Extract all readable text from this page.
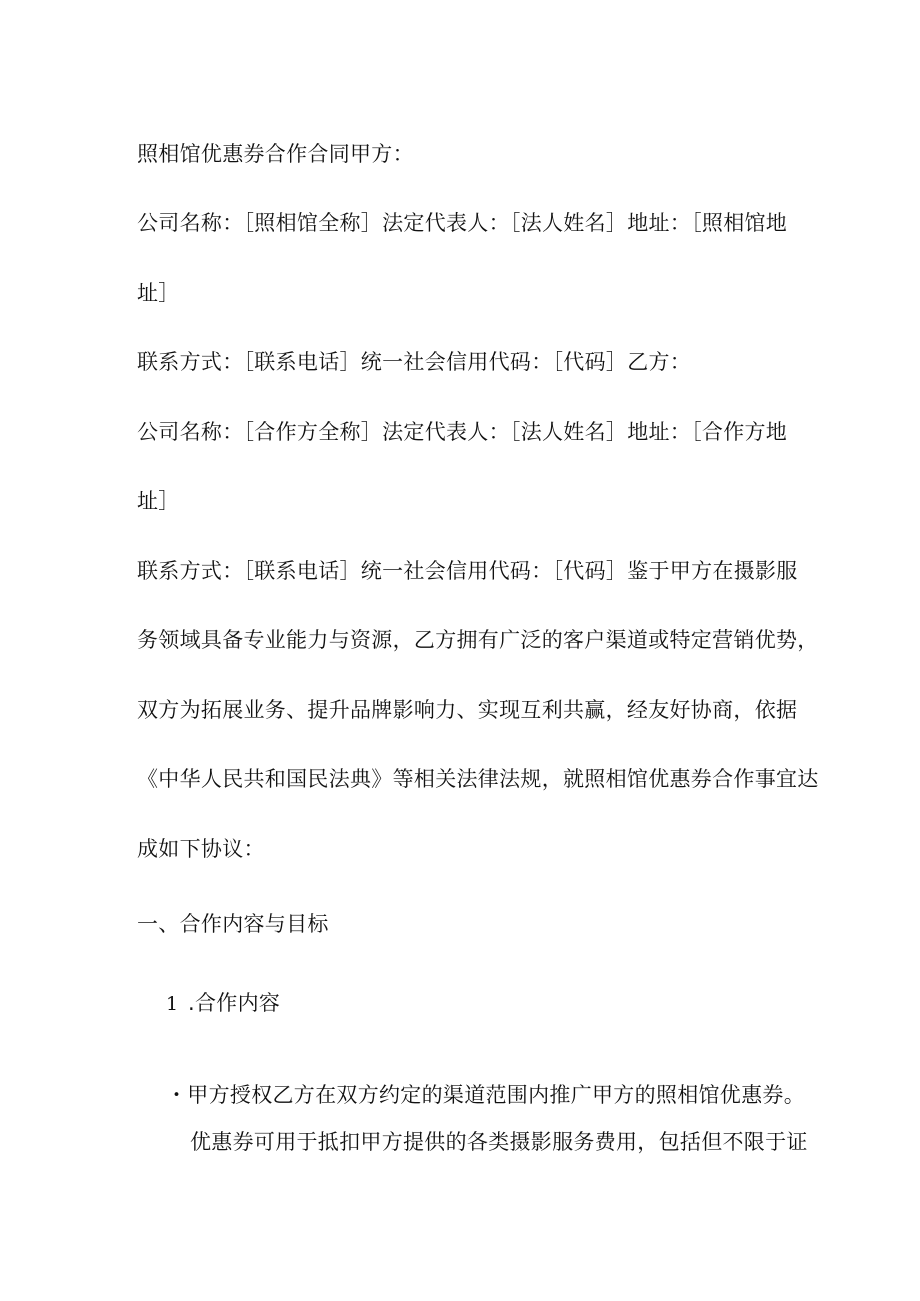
照相馆优惠券合作合同甲方：
公司名称：［照相馆全称］法定代表人：［法人姓名］地址：［照相馆地
址］
联系方式：［联系电话］统一社会信用代码：［代码］乙方：
公司名称：［合作方全称］法定代表人：［法人姓名］地址：［合作方地
址］
联系方式：［联系电话］统一社会信用代码：［代码］鉴于甲方在摄影服
务领域具备专业能力与资源，乙方拥有广泛的客户渠道或特定营销优势，
双方为拓展业务、提升品牌影响力、实现互利共赢，经友好协商，依据
《中华人民共和国民法典》等相关法律法规，就照相馆优惠券合作事宜达
成如下协议：
一、合作内容与目标
1 .合作内容
・甲方授权乙方在双方约定的渠道范围内推广甲方的照相馆优惠券。
优惠券可用于抵扣甲方提供的各类摄影服务费用，包括但不限于证
